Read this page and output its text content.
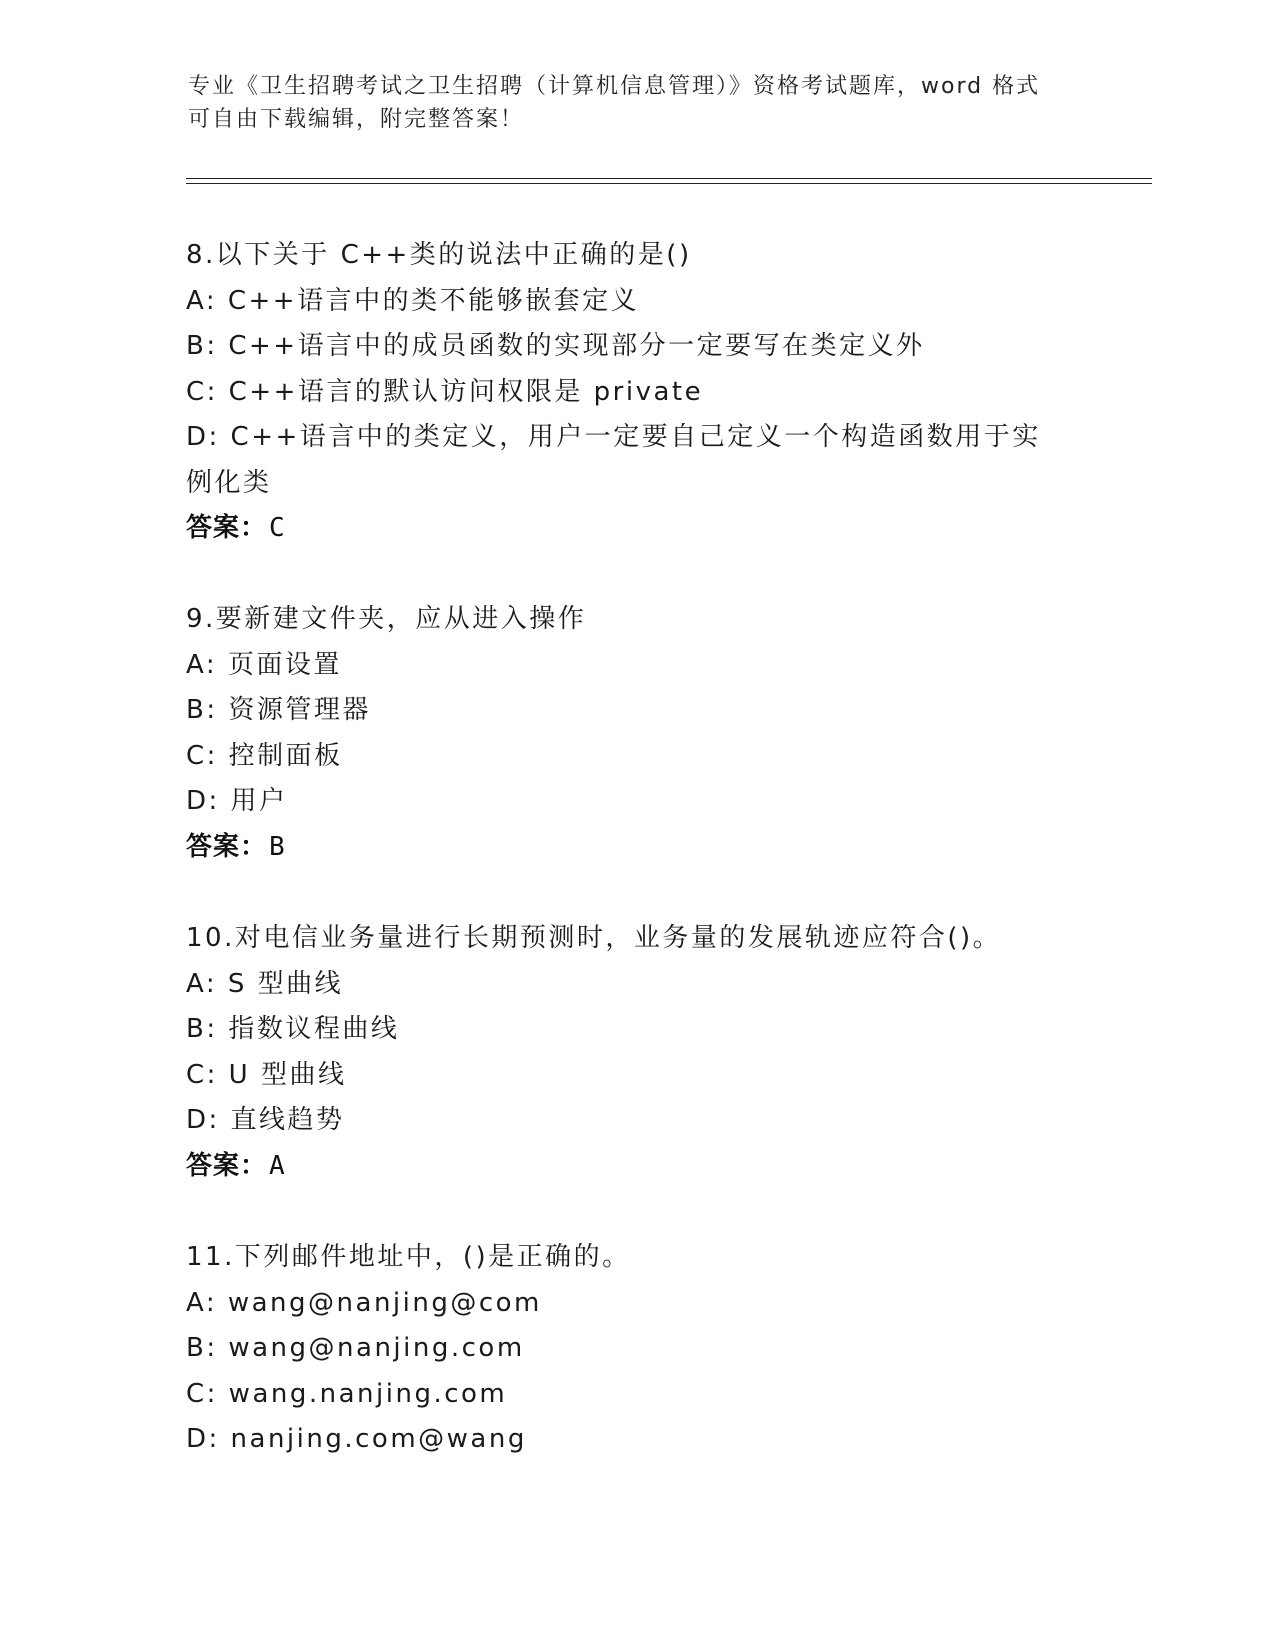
专业《卫生招聘考试之卫生招聘（计算机信息管理）》资格考试题库，word 格式
可自由下载编辑，附完整答案！
8.以下关于 C++类的说法中正确的是()
A: C++语言中的类不能够嵌套定义
B: C++语言中的成员函数的实现部分一定要写在类定义外
C: C++语言的默认访问权限是 private
D: C++语言中的类定义，用户一定要自己定义一个构造函数用于实例化类
答案：C
9.要新建文件夹，应从进入操作
A: 页面设置
B: 资源管理器
C: 控制面板
D: 用户
答案：B
10.对电信业务量进行长期预测时，业务量的发展轨迹应符合()。
A: S 型曲线
B: 指数议程曲线
C: U 型曲线
D: 直线趋势
答案：A
11.下列邮件地址中，()是正确的。
A: wang@nanjing@com
B: wang@nanjing.com
C: wang.nanjing.com
D: nanjing.com@wang
